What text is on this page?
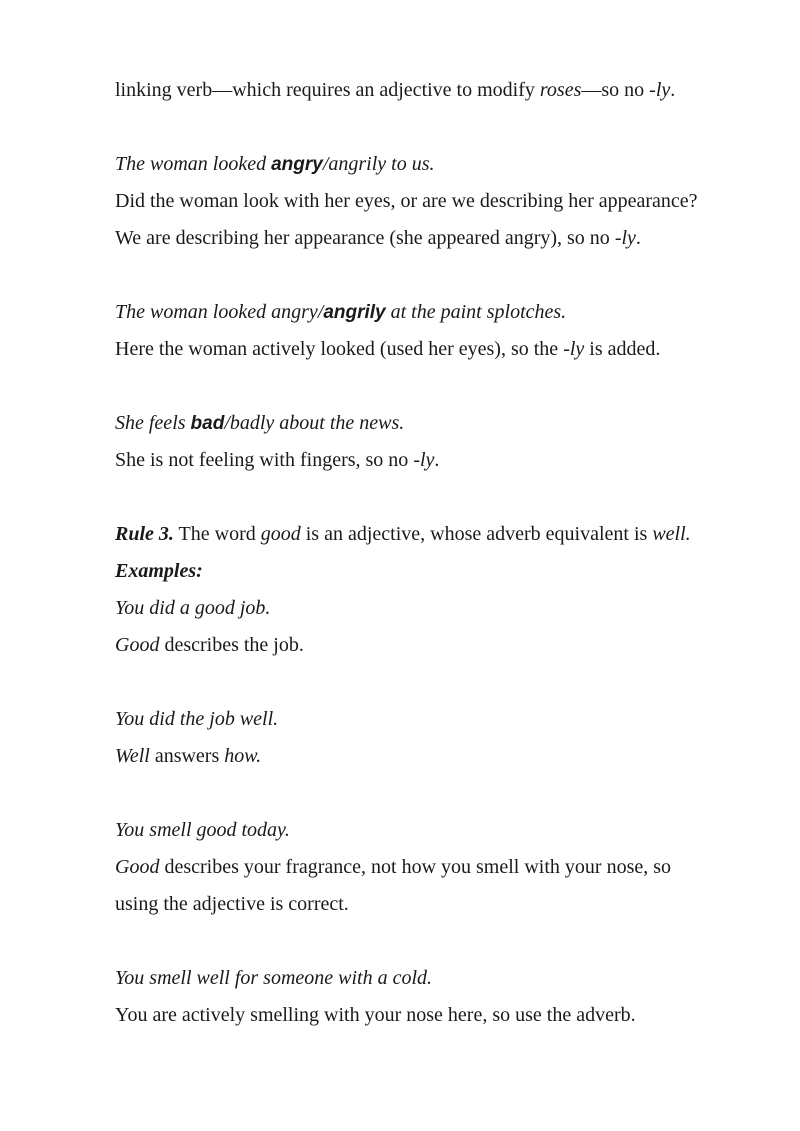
linking verb—which requires an adjective to modify roses—so no -ly.
The woman looked angry/angrily to us.
Did the woman look with her eyes, or are we describing her appearance?
We are describing her appearance (she appeared angry), so no -ly.
The woman looked angry/angrily at the paint splotches.
Here the woman actively looked (used her eyes), so the -ly is added.
She feels bad/badly about the news.
She is not feeling with fingers, so no -ly.
Rule 3. The word good is an adjective, whose adverb equivalent is well.
Examples:
You did a good job.
Good describes the job.
You did the job well.
Well answers how.
You smell good today.
Good describes your fragrance, not how you smell with your nose, so
using the adjective is correct.
You smell well for someone with a cold.
You are actively smelling with your nose here, so use the adverb.
